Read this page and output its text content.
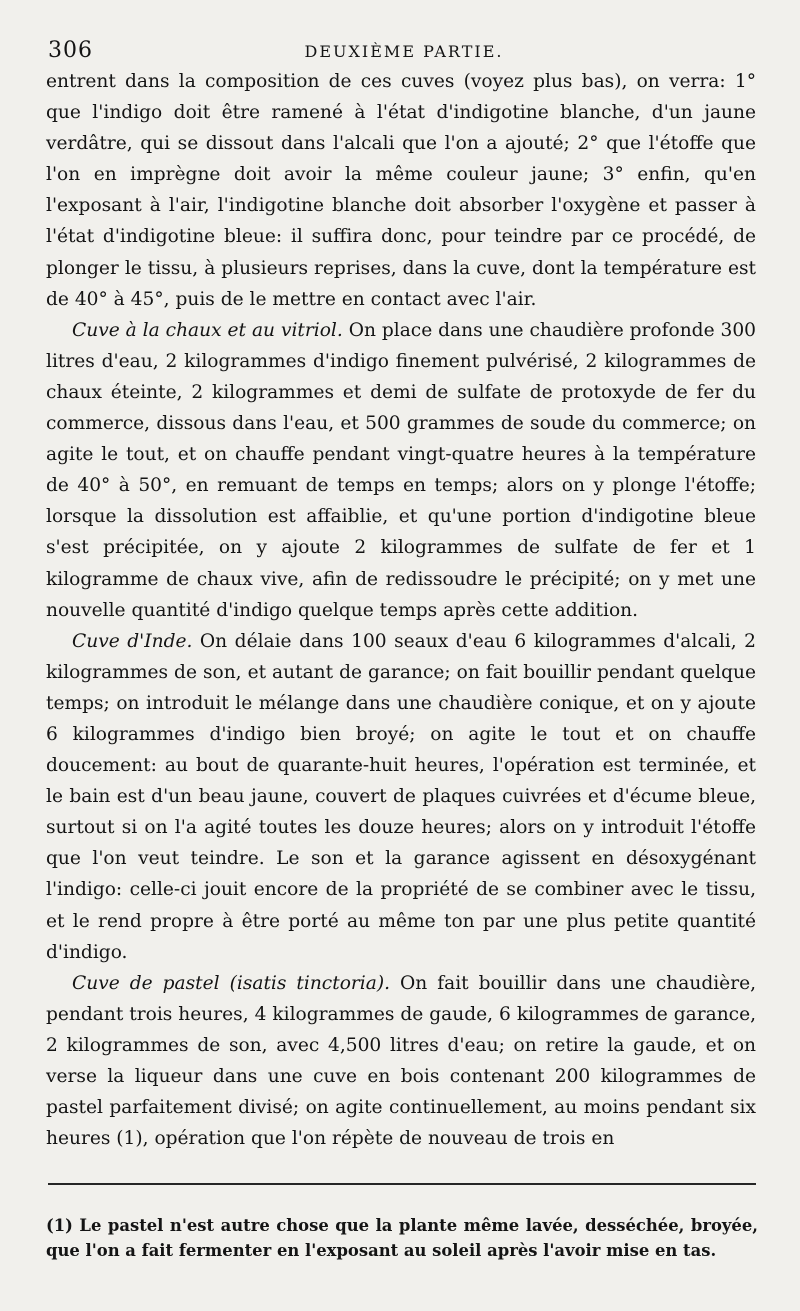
306	DEUXIÈME PARTIE.

entrent dans la composition de ces cuves (voyez plus bas), on verra: 1° que l'indigo doit être ramené à l'état d'indigotine blanche, d'un jaune verdâtre, qui se dissout dans l'alcali que l'on a ajouté; 2° que l'étoffe que l'on en imprègne doit avoir la même couleur jaune; 3° enfin, qu'en l'exposant à l'air, l'indigotine blanche doit absorber l'oxygène et passer à l'état d'indigotine bleue: il suffira donc, pour teindre par ce procédé, de plonger le tissu, à plusieurs reprises, dans la cuve, dont la température est de 40° à 45°, puis de le mettre en contact avec l'air.

Cuve à la chaux et au vitriol. On place dans une chaudière profonde 300 litres d'eau, 2 kilogrammes d'indigo finement pulvérisé, 2 kilogrammes de chaux éteinte, 2 kilogrammes et demi de sulfate de protoxyde de fer du commerce, dissous dans l'eau, et 500 grammes de soude du commerce; on agite le tout, et on chauffe pendant vingt-quatre heures à la température de 40° à 50°, en remuant de temps en temps; alors on y plonge l'étoffe; lorsque la dissolution est affaiblie, et qu'une portion d'indigotine bleue s'est précipitée, on y ajoute 2 kilogrammes de sulfate de fer et 1 kilogramme de chaux vive, afin de redissoudre le précipité; on y met une nouvelle quantité d'indigo quelque temps après cette addition.

Cuve d'Inde. On délaie dans 100 seaux d'eau 6 kilogrammes d'alcali, 2 kilogrammes de son, et autant de garance; on fait bouillir pendant quelque temps; on introduit le mélange dans une chaudière conique, et on y ajoute 6 kilogrammes d'indigo bien broyé; on agite le tout et on chauffe doucement: au bout de quarante-huit heures, l'opération est terminée, et le bain est d'un beau jaune, couvert de plaques cuivrées et d'écume bleue, surtout si on l'a agité toutes les douze heures; alors on y introduit l'étoffe que l'on veut teindre. Le son et la garance agissent en désoxygénant l'indigo: celle-ci jouit encore de la propriété de se combiner avec le tissu, et le rend propre à être porté au même ton par une plus petite quantité d'indigo.

Cuve de pastel (isatis tinctoria). On fait bouillir dans une chaudière, pendant trois heures, 4 kilogrammes de gaude, 6 kilogrammes de garance, 2 kilogrammes de son, avec 4,500 litres d'eau; on retire la gaude, et on verse la liqueur dans une cuve en bois contenant 200 kilogrammes de pastel parfaitement divisé; on agite continuellement, au moins pendant six heures (1), opération que l'on répète de nouveau de trois en

(1) Le pastel n'est autre chose que la plante même lavée, desséchée, broyée, que l'on a fait fermenter en l'exposant au soleil après l'avoir mise en tas.
